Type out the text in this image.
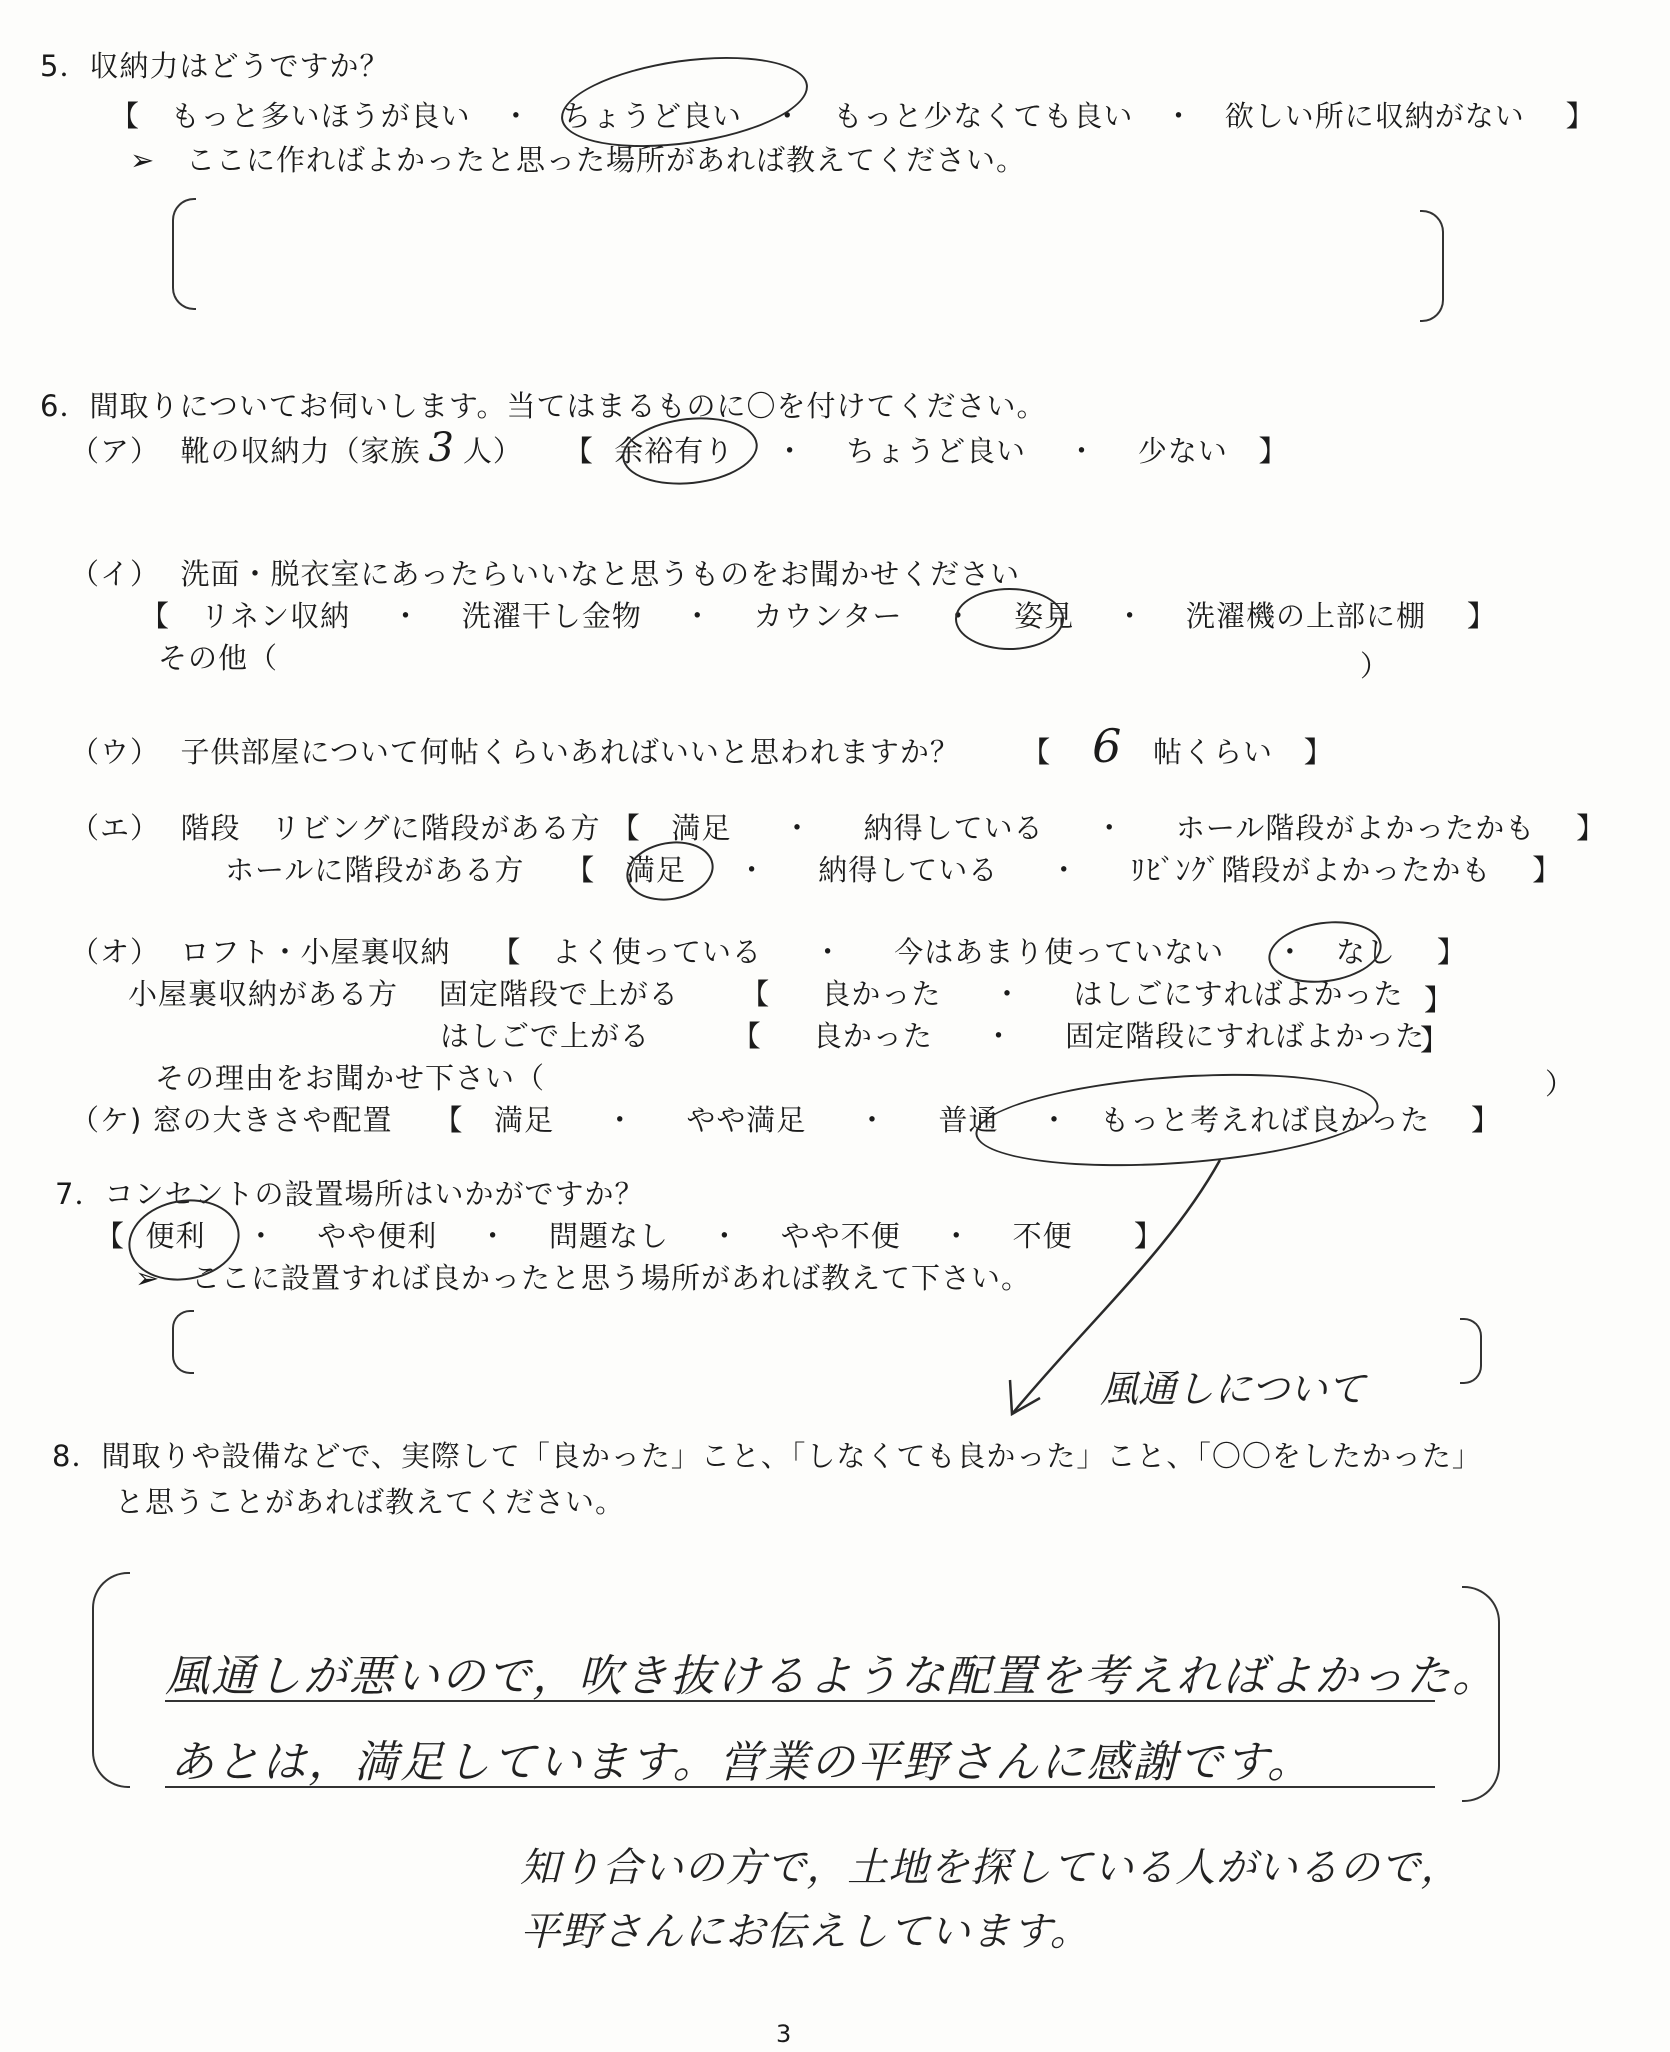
5．収納力はどうですか？
【 もっと多いほうが良い ・ ちょうど良い ・ もっと少なくても良い ・ 欲しい所に収納がない 】
➢ ここに作ればよかったと思った場所があれば教えてください。
6．間取りについてお伺いします。当てはまるものに〇を付けてください。
（ア） 靴の収納力（家族 3 人） 【 余裕有り ・ ちょうど良い ・ 少ない 】
（イ） 洗面・脱衣室にあったらいいなと思うものをお聞かせください
【 リネン収納 ・ 洗濯干し金物 ・ カウンター ・ 姿見 ・ 洗濯機の上部に棚 】
その他（	）
（ウ） 子供部屋について何帖くらいあればいいと思われますか？ 【 6 帖くらい 】
（エ） 階段 リビングに階段がある方 【 満足 ・ 納得している ・ ホール階段がよかったかも 】
ホールに階段がある方 【 満足 ・ 納得している ・ ﾘﾋﾞﾝｸﾞ階段がよかったかも 】
（オ） ロフト・小屋裏収納 【 よく使っている ・ 今はあまり使っていない ・ なし 】
小屋裏収納がある方 固定階段で上がる 【 良かった ・ はしごにすればよかった 】
はしごで上がる	【 良かった ・ 固定階段にすればよかった
】
その理由をお聞かせ下さい（	）
（ケ) 窓の大きさや配置 【 満足 ・ やや満足 ・ 普通 ・ もっと考えれば良かった 】
7．コンセントの設置場所はいかがですか？
【 便利 ・ やや便利 ・ 問題なし ・ やや不便 ・ 不便 】
➢ ここに設置すれば良かったと思う場所があれば教えて下さい。
風通しについて
8．間取りや設備などで、実際して「良かった」こと、「しなくても良かった」こと、「〇〇をしたかった」
と思うことがあれば教えてください。
風通しが悪いので，吹き抜けるような配置を考えればよかった。
あとは，満足しています。営業の平野さんに感謝です。
知り合いの方で，土地を探している人がいるので，
平野さんにお伝えしています。
3
